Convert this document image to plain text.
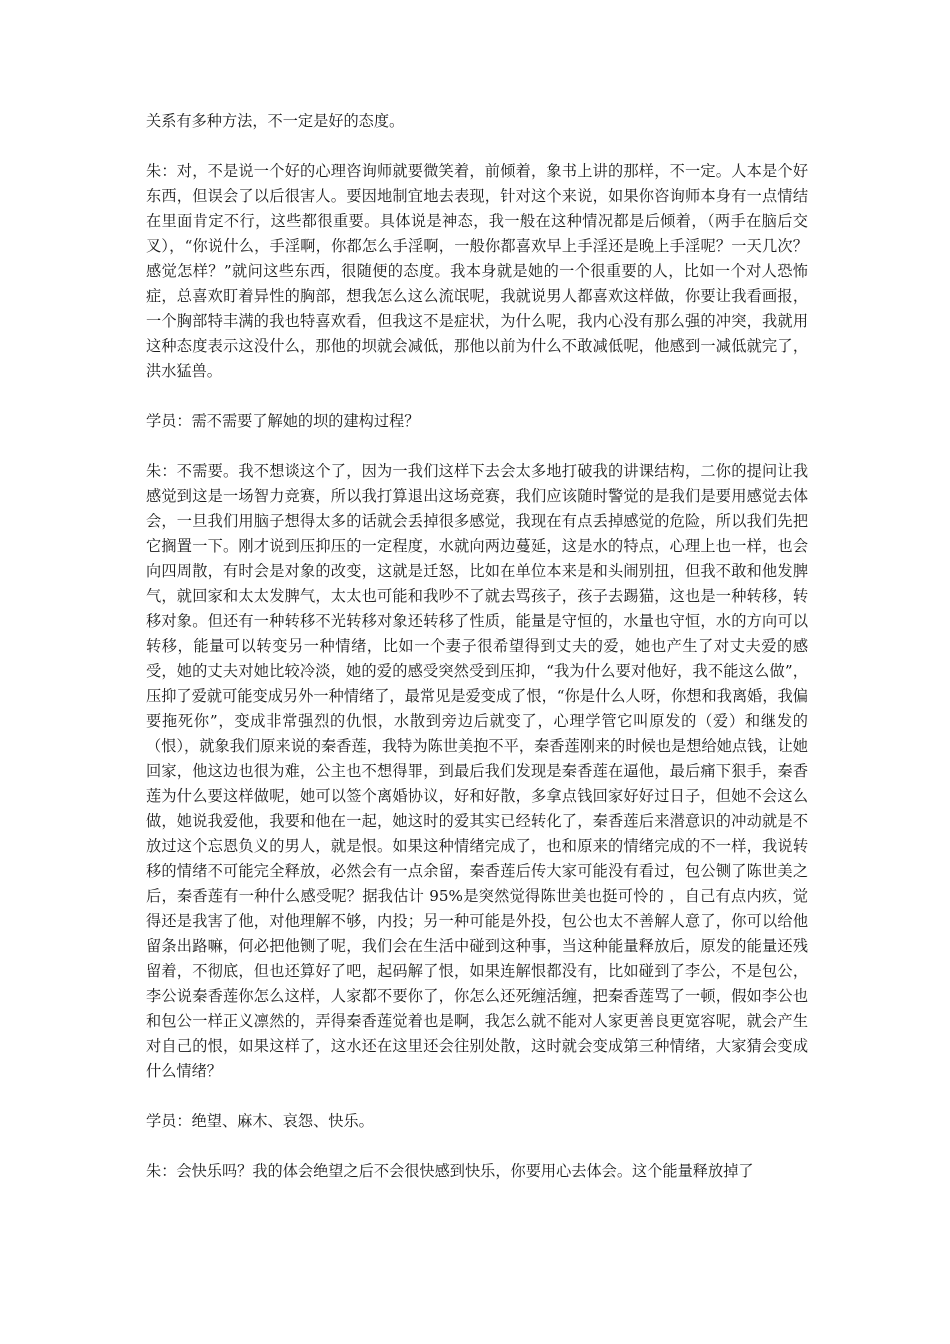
关系有多种方法，不一定是好的态度。

朱：对，不是说一个好的心理咨询师就要微笑着，前倾着，象书上讲的那样，不一定。人本是个好东西，但误会了以后很害人。要因地制宜地去表现，针对这个来说，如果你咨询师本身有一点情结在里面肯定不行，这些都很重要。具体说是神态，我一般在这种情况都是后倾着，（两手在脑后交叉），“你说什么，手淫啊，你都怎么手淫啊，一般你都喜欢早上手淫还是晚上手淫呢？一天几次？感觉怎样？”就问这些东西，很随便的态度。我本身就是她的一个很重要的人，比如一个对人恐怖症，总喜欢盯着异性的胸部，想我怎么这么流氓呢，我就说男人都喜欢这样做，你要让我看画报，一个胸部特丰满的我也特喜欢看，但我这不是症状，为什么呢，我内心没有那么强的冲突，我就用这种态度表示这没什么，那他的坝就会减低，那他以前为什么不敢减低呢，他感到一减低就完了，洪水猛兽。

学员：需不需要了解她的坝的建构过程？

朱：不需要。我不想谈这个了，因为一我们这样下去会太多地打破我的讲课结构，二你的提问让我感觉到这是一场智力竞赛，所以我打算退出这场竞赛，我们应该随时警觉的是我们是要用感觉去体会，一旦我们用脑子想得太多的话就会丢掉很多感觉，我现在有点丢掉感觉的危险，所以我们先把它搁置一下。刚才说到压抑压的一定程度，水就向两边蔓延，这是水的特点，心理上也一样，也会向四周散，有时会是对象的改变，这就是迁怒，比如在单位本来是和头闹别扭，但我不敢和他发脾气，就回家和太太发脾气，太太也可能和我吵不了就去骂孩子，孩子去踢猫，这也是一种转移，转移对象。但还有一种转移不光转移对象还转移了性质，能量是守恒的，水量也守恒，水的方向可以转移，能量可以转变另一种情绪，比如一个妻子很希望得到丈夫的爱，她也产生了对丈夫爱的感受，她的丈夫对她比较冷淡，她的爱的感受突然受到压抑，“我为什么要对他好，我不能这么做”，压抑了爱就可能变成另外一种情绪了，最常见是爱变成了恨，“你是什么人呀，你想和我离婚，我偏要拖死你”，变成非常强烈的仇恨，水散到旁边后就变了，心理学管它叫原发的（爱）和继发的（恨），就象我们原来说的秦香莲，我特为陈世美抱不平，秦香莲刚来的时候也是想给她点钱，让她回家，他这边也很为难，公主也不想得罪，到最后我们发现是秦香莲在逼他，最后痛下狠手，秦香莲为什么要这样做呢，她可以签个离婚协议，好和好散，多拿点钱回家好好过日子，但她不会这么做，她说我爱他，我要和他在一起，她这时的爱其实已经转化了，秦香莲后来潜意识的冲动就是不放过这个忘恩负义的男人，就是恨。如果这种情绪完成了，也和原来的情绪完成的不一样，我说转移的情绪不可能完全释放，必然会有一点余留，秦香莲后传大家可能没有看过，包公铡了陈世美之后，秦香莲有一种什么感受呢？据我估计 95%是突然觉得陈世美也挺可怜的 ，自己有点内疚，觉得还是我害了他，对他理解不够，内投；另一种可能是外投，包公也太不善解人意了，你可以给他留条出路嘛，何必把他铡了呢，我们会在生活中碰到这种事，当这种能量释放后，原发的能量还残留着，不彻底，但也还算好了吧，起码解了恨，如果连解恨都没有，比如碰到了李公，不是包公，李公说秦香莲你怎么这样，人家都不要你了，你怎么还死缠活缠，把秦香莲骂了一顿，假如李公也和包公一样正义凛然的，弄得秦香莲觉着也是啊，我怎么就不能对人家更善良更宽容呢，就会产生对自己的恨，如果这样了，这水还在这里还会往别处散，这时就会变成第三种情绪，大家猜会变成什么情绪？

学员：绝望、麻木、哀怨、快乐。

朱：会快乐吗？我的体会绝望之后不会很快感到快乐，你要用心去体会。这个能量释放掉了
